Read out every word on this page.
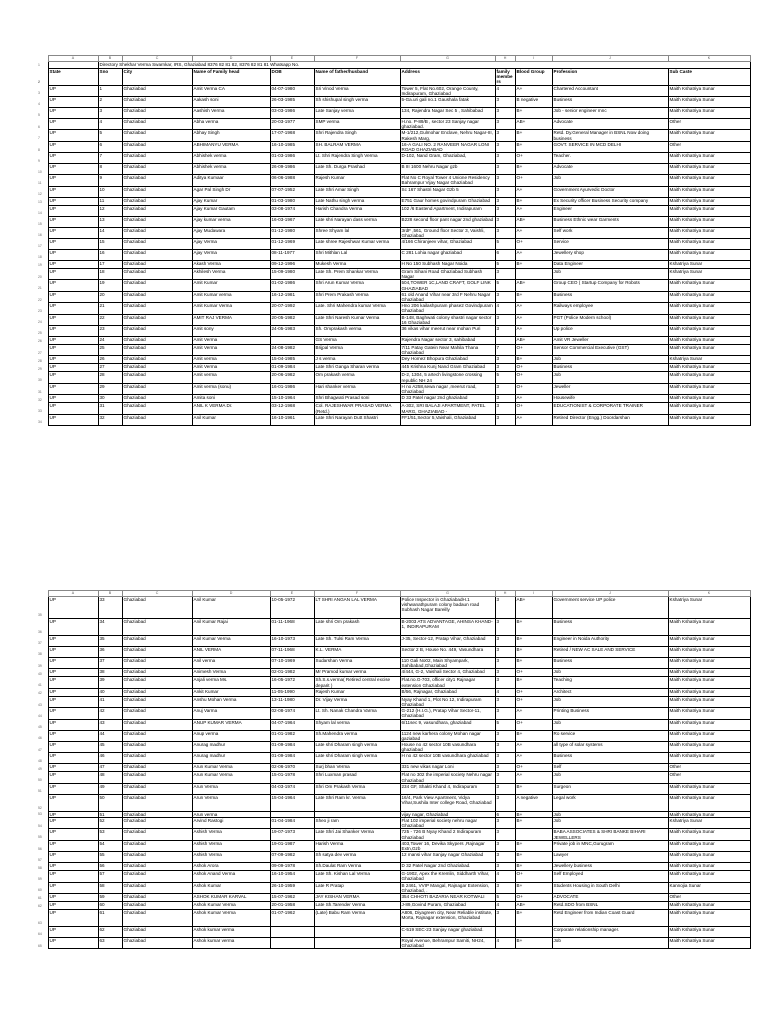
	A	B	C	D	E	F	G	H	I	J	K
1		Directory Shekhar Verma Swarnkar, IRS, Ghaziabad 8376 82 81 82, 8376 82 81 81 Whatsapp No.									
2	State	Sno	City	Name of Family head	DOB	Name of father/husband	Address	family members	Blood Group	Profession	Sub Caste
3	UP	1	Ghaziabad	Amit Verma CA	04-07-1980	Sri Vinod Verma	Tower 5, Flat No.602, Orange County, Indirapuram, Ghaziabad	4	A+	Chartered Accountant	Maith Kshatriya Sunar
4	UP	2	Ghaziabad	Aakash soni	26-03-1985	Sh shishupal singh verma	5-Ga.uri gali no.1 Gaushala fatak	3	B negative	Business	Maith Kshatriya Sunar
5	UP	3	Ghaziabad	Aashish Verma	03-03-1986	Late Sanjay verma	134, Rajendra Nagar Sec 5 , Sahibabad	3	B+	Job - senior engineer mnc	Maith Kshatriya Sunar
6	UP	4	Ghaziabad	Abha verma	20-03-1977	SMP verma	H.no. P-89/B , sector 23 Sanjay nagar ghaziabad.	3	AB+	Advocate	Other
7	UP	5	Ghaziabad	Abhay Singh	17-07-1968	Shri Rajendra Singh	M-1/212,Gulmohar Enclave, Nehru Nagar-III, Rakesh Marg,	3	B+	Retd. Dy.General Manager in BSNL Now doing business	Maith Kshatriya Sunar
8	UP	6	Ghaziabad	ABHIMANYU VERMA	16-10-1985	SH. BALRAM VERMA	16-A GALI NO. 2 RANVEER NAGAR LONI ROAD GHAZIABAD	3	B+	GOVT. SERVICE IN MCD DELHI	Other
9	UP	7	Ghaziabad	Abhishek verma	01-03-1986	Lt. Shri Rajendra Singh Verma	D-102, Nand Gram, Ghaziabad,	3	O+	Teacher.	Maith Kshatriya Sunar
10	UP	8	Ghaziabad	Abhishek verma	26-09-1986	Late Sh. Durga Prashad	B III 1600 Nehru Nagar gzb	3	B+	Advocate	Maith Kshatriya Sunar
11	UP	9	Ghaziabad	Aditya Kumaar	06-06-1988	Rajesh Kumar	Flat No C Royal Tower 4 Unione Residency Bahrampur Vijay Nagar Ghaziabad	3	O+	Job	Maith Kshatriya Sunar
12	UP	10	Ghaziabad	Agar Pal Singh Dr	07-07-1952	Late Shri Amar Singh	Sc 167 Shastri Nagar Gzb 5	3	A+	Government Ayurvedic Doctor	Maith Kshatriya Sunar
13	UP	11	Ghaziabad	Ajay Kumar	01-03-1980	Late Nathu singh verma	E751 Gaur homes govindpuram Ghaziabad	3	B+	Ex Security officer Business Security company	Maith Kshatriya Sunar
14	UP	12	Ghaziabad	Ajay Kumar Gautam	03-08-1974	Harish Chandra Verma	102 /6 Eastend Apartment, Indirapuram	3	A+	Engineer	Maith Kshatriya Sunar
15	UP	13	Ghaziabad	Ajay kumar verma	16-03-1967	Late shri Narayan dass verma	B228 second floor pant nagar 2nd ghaziabad	3	AB+	Business Ethnic wear Garments	Maith Kshatriya Sunar
16	UP	14	Ghaziabad	Ajay Mudawara	01-12-1980	Shree Shyam lal	3rdF ,561, Ground floor Sector 3, Vaishli, Ghaziabad	3	A+	Self work	Maith Kshatriya Sunar
17	UP	15	Ghaziabad	Ajay Verma	01-12-1969	Late shree Rajeshwar Kumar verma	4/166 Chiranjeev vihar, Ghaziabad	5	O+	Service	Maith Kshatriya Sunar
18	UP	16	Ghaziabad	Ajay Verma	08-11-1977	Shri Mithlan Lal	C 281 Lohia nagar ghaziabad	6	A+	Jewellery shop	Maith Kshatriya Sunar
19	UP	17	Ghaziabad	Akash Verma	09-12-1996	Mukesh Verma	H No 150 Subhash Nagar Noida	5	B+	Data Engineer	Kshatriya Sunar
20	UP	18	Ghaziabad	Akhilesh Verma	15-09-1980	Late Sh. Prem Shankar Verma	Gram Sihani Road Ghaziabad Subhash Nagar	3		Job	Kshatriya Sunar
21	UP	19	Ghaziabad	Amit Kumar	01-02-1986	Shri Arun Kumar Verma	504,TOWER 1C,LAND CRAFT, GOLF LINK GHAZIABAD	5	AB+	Group CEO ( Startup Company for Robots	Maith Kshatriya Sunar
22	UP	20	Ghaziabad	Amit Kumar verma	16-12-1981	Shri Prem Prakash Verma	61 old Anand Vihar near 3rd F Nehru Nagar Ghaziabad	3	B+	Business	Maith Kshatriya Sunar
23	UP	21	Ghaziabad	Amit Kumar Verma	20-07-1992	Late. Shri Mahendra kumar Verma	Hno 206 kailashpuram phase2 Govindpuram Ghaziabad	4	A+	Railways employee	Maith Kshatriya Sunar
24	UP	22	Ghaziabad	AMIT RAJ VERMA	20-05-1982	Late Shri Naresh Kumar Verma	B-148, Baghwati colony shastri nagar sector 16 Ghaziabad	3	A+	PGT (Police Modern school)	Maith Kshatriya Sunar
25	UP	23	Ghaziabad	Amit sony	24-05-1983	Sh. Omprakash verma	36 vikas vihar meerut near mohan Puri	3	A+	Up police	Maith Kshatriya Sunar
26	UP	24	Ghaziabad	Amit Verma		GS Verma	Rajendra Nagar sector 3, sahibabad		AB+	Amit VR Jeweller	Maith Kshatriya Sunar
27	UP	25	Ghaziabad	Amit Verma	24-08-1982	Brijpal Verma	7/11 Patay Gatein Near Mahila Thana Ghaziabad	7	O+	Sensor Commercial Executive (GST)	Maith Kshatriya Sunar
28	UP	26	Ghaziabad	Amit verma	15-04-1985	J s verma	Dey Homez Bhopura Ghaziabad	3	B+	Job	Kshatriya Sunar
29	UP	27	Ghaziabad	Amit Verma	01-09-1984	Late Shri Ganga Sharan verma	445 Krishna Kunj Nand Gram Ghaziabad	3	O+	Business	Maith Kshatriya Sunar
30	UP	28	Ghaziabad	Amit verma	20-06-1982	Om prakash verma	D-2, 1304, 5 artech livingstone crossing republic NH 24	5	O+	Job	Maith Kshatriya Sunar
31	UP	29	Ghaziabad	Amit verma (sonu)	16-01-1986	Hari shanker verma	H no A258,sewa nagar ,meerut road, Ghaziabad	3	O+	Jeweller	Maith Kshatriya Sunar
32	UP	30	Ghaziabad	Amita soni	15-10-1964	Shri Bhagwati Prasad soni	D 33 Patel nagar 2nd ghaziabad	3	A+	Housewife	Maith Kshatriya Sunar
33	UP	31	Ghaziabad	ANIL K VERMA Dr.	03-12-1968	Col. RAJESHWAR PRASAD VERMA (Retd.)	A-302, SRI BALAJI APARTMENT, PATEL MARG, GHAZIABAD -	3	O+	EDUCATIONIST & CORPORATE TRAINER	Maith Kshatriya Sunar
34	UP	32	Ghaziabad	Anil Kumar	16-10-1961	Late Shri Narayan Dutt Shastri	FF1/51,Sector 5,Vaishali, Ghaziabad	3	A+	Retired Director (Engg.) Doordarshan	Maith Kshatriya Sunar
	A	B	C	D	E	F	G	H	I	J	K
35	UP	33	Ghaziabad	Anil Kumar	10-05-1972	LT SHRI ANGAN LAL VERMA	Police Inspector in GhaziabadH.1 vishwanathpuram colony badaun road Subhash Nagar Bareilly	3	AB+	Government service UP police	Kshatriya Sunar
36	UP	34	Ghaziabad	Anil Kumar Rajai	01-11-1968	Late shri Om prakash	B-2003 ATS ADVANTAGE, AHINSA KHAND-1, INDIRAPURAM	3	B+	Business	Maith Kshatriya Sunar
37	UP	35	Ghaziabad	Anil Kumar Verma	16-10-1973	Late Sh. Tulsi Ram Verma	J-35, Sector-12, Pratap Vihar, Ghaziabad	3	B+	Engineer in Noida Authority	Maith Kshatriya Sunar
38	UP	36	Ghaziabad	ANIL VERMA	07-11-1968	K.L. VERMA	Sector 2 B, House No. 449, Vasundhara	3	B+	Retired / NEW AC SALE AND SERVICE	Maith Kshatriya Sunar
39	UP	37	Ghaziabad	Anil verma	07-10-1969	Sudarshan Verma	110 Gali No02, Main Shyampark, Sahibabad,Ghaziabad	3	B+	Business	Maith Kshatriya Sunar
40	UP	38	Ghaziabad	Animesh Verma	02-01-1982	Mr Pramod kumar verma	4/444, G-2, Vaishali Sector 4, Ghaziabad	3	O+	Job	Maith Kshatriya Sunar
41	UP	39	Ghaziabad	Anjali verma Ms.	16-05-1972	Sh.S.s.verma( Retired central excise deparit )	Flat.no.G-703, officer city1 Rajnagar extension Ghaziabad	3	B+	Teaching	Maith Kshatriya Sunar
42	UP	40	Ghaziabad	Ankit Kumar	11-05-1990	Rajesh Kumar	B/56, Rajnagar, Ghaziabad	4	O+	Architect	Maith Kshatriya Sunar
43	UP	41	Ghaziabad	Anshu Mohan Verma	13-11-1980	Dr. Vijay Verma	Nyay Khand 1, Plot No 12, Indirapuram Ghaziabad	3	O+	Job	Maith Kshatriya Sunar
44	UP	42	Ghaziabad	Anuj Varma	02-08-1974	Lt. Sh. Nanak Chandra Varma	G-212 (H.I.G.), Pratap Vihar Sector-11, Ghaziabad	3	A+	Printing Business	Maith Kshatriya Sunar
45	UP	43	Ghaziabad	ANUP KUMAR VERMA	04-07-1964	Shyam lal verma	6/11sec 9, vasundhara, ghaziabad	5	O+	Job	Maith Kshatriya Sunar
46	UP	44	Ghaziabad	Anup verma	01-01-1982	Sh.Mahendra verma	1124 new karhera colony Mohan nagar gaziabad	3	B+	Ro service	Maith Kshatriya Sunar
47	UP	45	Ghaziabad	Anurag madhur	01-09-1984	Late shri Dharam singh verma	House no 42 sector 10B vasundhara ghaziabad	3	A+	all type of solar systems	Maith Kshatriya Sunar
48	UP	46	Ghaziabad	Anurag madhur	01-09-1984	Late shri Dharam singh verma	H no 42 sector 10B vasundhara ghaziabad	3	A+	Business	Maith Kshatriya Sunar
49	UP	47	Ghaziabad	Arun Kumar Verma	02-06-1970	Surj bhan Verma	331 new vikas nagar Loni	3	O+	Self	Other
50	UP	48	Ghaziabad	Arun Kumar Verma	15-01-1978	Shri Luxman prasad	Flat no 302 the imperial society Nehru nagar Ghaziabad	3	A+	Job	Other
51	UP	49	Ghaziabad	Arun Verma	04-03-1974	Shri Om Prakash Verma	234 GF, Shakti Khand 4, Indirapuram	3	B+	Surgeon	Maith Kshatriya Sunar
52	UP	50	Ghaziabad	Arun Verma	15-04-1964	Late Shri Ram kr. Verma	16/4, Park View Apartment, Vidya Vihar,Sushila Inter college Road, Ghaziabad	3	A negative	Legal work	Maith Kshatriya Sunar
53	UP	51	Ghaziabad	Arun verma			vijay nagar, Ghaziabad	6	B+	Job	Maith Kshatriya Sunar
54	UP	52	Ghaziabad	Arvind Rastogi	01-04-1984	Sheo ji ram	Flat 102 imperial society nehru nagar Ghaziabad	3	B+	Job	Kshatriya Sunar
55	UP	53	Ghaziabad	Ashish Verma	19-07-1973	Late Shri Jai Shanker Verma	725 - 726 B Nyay Khand 2 Indirapuram Ghaziabad	3		BABA ASSOCIATES & SHRI BANKE BIHARI JEWELLERS	Maith Kshatriya Sunar
56	UP	54	Ghaziabad	Ashish Verma	19-01-1987	Harish Verma	403,Tower 16, Devika Skypers ,Rajnagar Extn,Gzb	3	B+	Private job in MNC,Gurugram	Maith Kshatriya Sunar
57	UP	55	Ghaziabad	Ashish Verma	07-09-1982	Sh satya dev verma	12 mansi vihar Sanjay nagar Ghaziabad	3	B+	Lawyer	Maith Kshatriya Sunar
58	UP	56	Ghaziabad	Ashok Arora	09-09-1978	Sh.Daulat Ram Verma	D 32 Patel Nagar 2nd Ghaziabad.	3	B+	Jewellery business	Maith Kshatriya Sunar
59	UP	57	Ghaziabad	Ashok Anand Verma	16-10-1954	Late Sh. Kishan Lal Verma	G-1902, Apex the Kremlin, Siddharth Vihar, Ghaziabad	4	O+	Self Employed	Maith Kshatriya Sunar
60	UP	58	Ghaziabad	Ashok Kumar	26-10-1959	Late R Pratap	B 2461, VVIP Mangal, Rajnagar Extension, Ghaziabad, .	3	B+	Students Housing in South Delhi	Kannojia Sunar
61	UP	59	Ghaziabad	ASHOK KUMAR KARVAL	15-07-1962	JAY KISHAN VERMA	354 CHHOTI BAZARIA NEAR KOTWALI	5	O+	ADVOCATE	Other
62	UP	60	Ghaziabad	Ashok Kumar Verma	20-01-1958	Late Sh.Tarender Verma	J-89,Govind Puram, Ghaziabad	4	AB+	Retd.SDO from BSNL	Maith Kshatriya Sunar
63	UP	61	Ghaziabad	Ashok Kumar Verma	01-07-1962	(Late) Babu Ram Verma	A806, Diyagreen city, Near Reliable institute, Morta, Rajnagar extension, Ghaziabad	3	B+	Retd Engineer from Indian Coast Guard	Maith Kshatriya Sunar
64	UP	62	Ghaziabad	Ashok kumar verma			C-519 SEC-23 Sanjay nagar ghaziabad.			Corporate relationship manager.	Maith Kshatriya Sunar
65	UP	63	Ghaziabad	Ashok kumar verma			Royal Avenue, Behrampur Samiti, NH24, Ghaziabad	4	B+	Job	Maith Kshatriya Sunar
